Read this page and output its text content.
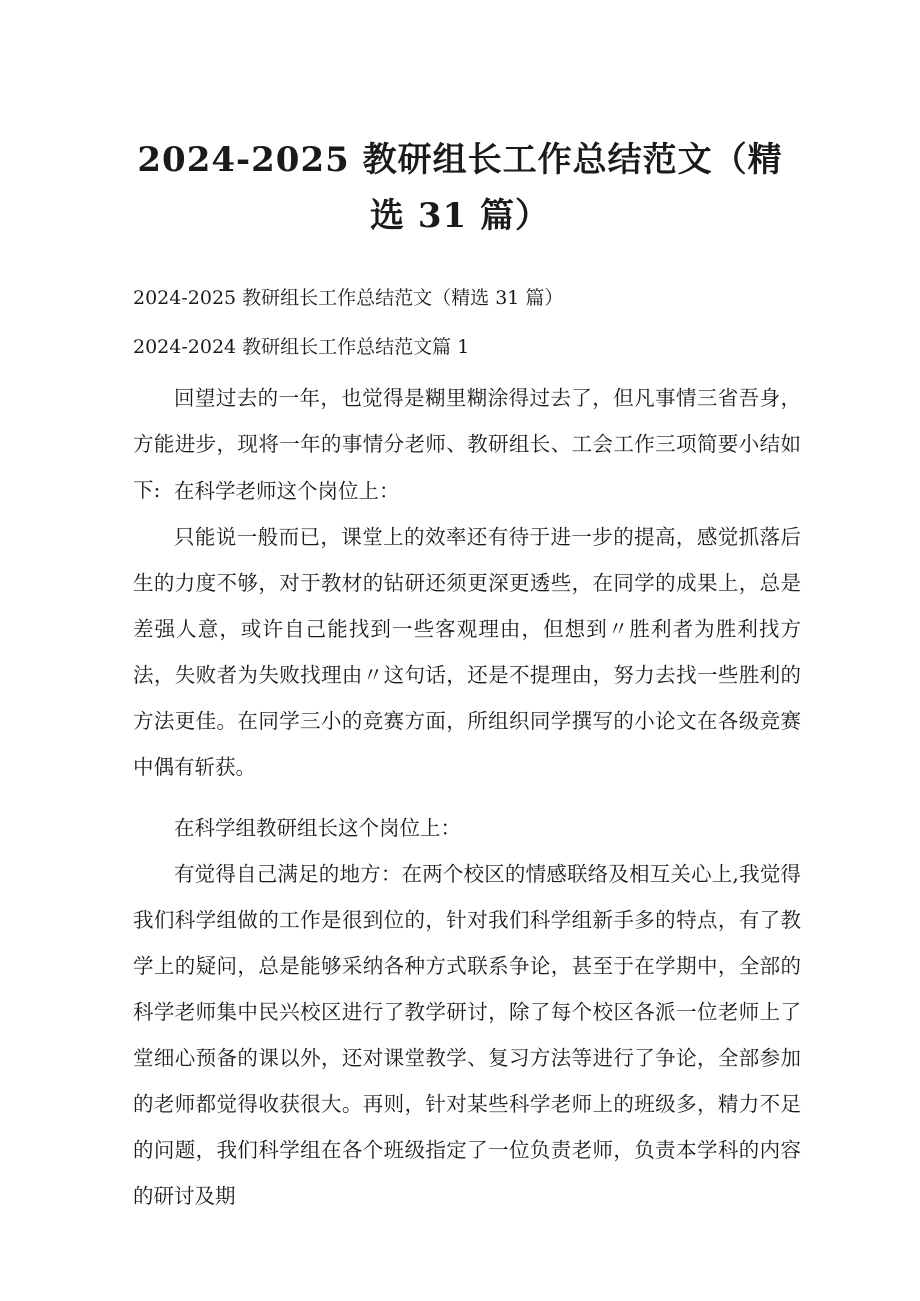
2024-2025 教研组长工作总结范文（精选 31 篇）
2024-2025 教研组长工作总结范文（精选 31 篇）
2024-2024 教研组长工作总结范文篇 1

回望过去的一年，也觉得是糊里糊涂得过去了，但凡事情三省吾身，方能进步，现将一年的事情分老师、教研组长、工会工作三项简要小结如下: 在科学老师这个岗位上：

只能说一般而已，课堂上的效率还有待于进一步的提高，感觉抓落后生的力度不够，对于教材的钻研还须更深更透些，在同学的成果上，总是差强人意，或许自己能找到一些客观理由，但想到〃胜利者为胜利找方法，失败者为失败找理由〃这句话，还是不提理由，努力去找一些胜利的方法更佳。在同学三小的竞赛方面，所组织同学撰写的小论文在各级竞赛中偶有斩获。

在科学组教研组长这个岗位上：

有觉得自己满足的地方：在两个校区的情感联络及相互关心上,我觉得我们科学组做的工作是很到位的，针对我们科学组新手多的特点，有了教学上的疑问，总是能够采纳各种方式联系争论，甚至于在学期中，全部的科学老师集中民兴校区进行了教学研讨，除了每个校区各派一位老师上了堂细心预备的课以外，还对课堂教学、复习方法等进行了争论，全部参加的老师都觉得收获很大。再则，针对某些科学老师上的班级多，精力不足的问题，我们科学组在各个班级指定了一位负责老师，负责本学科的内容的研讨及期
